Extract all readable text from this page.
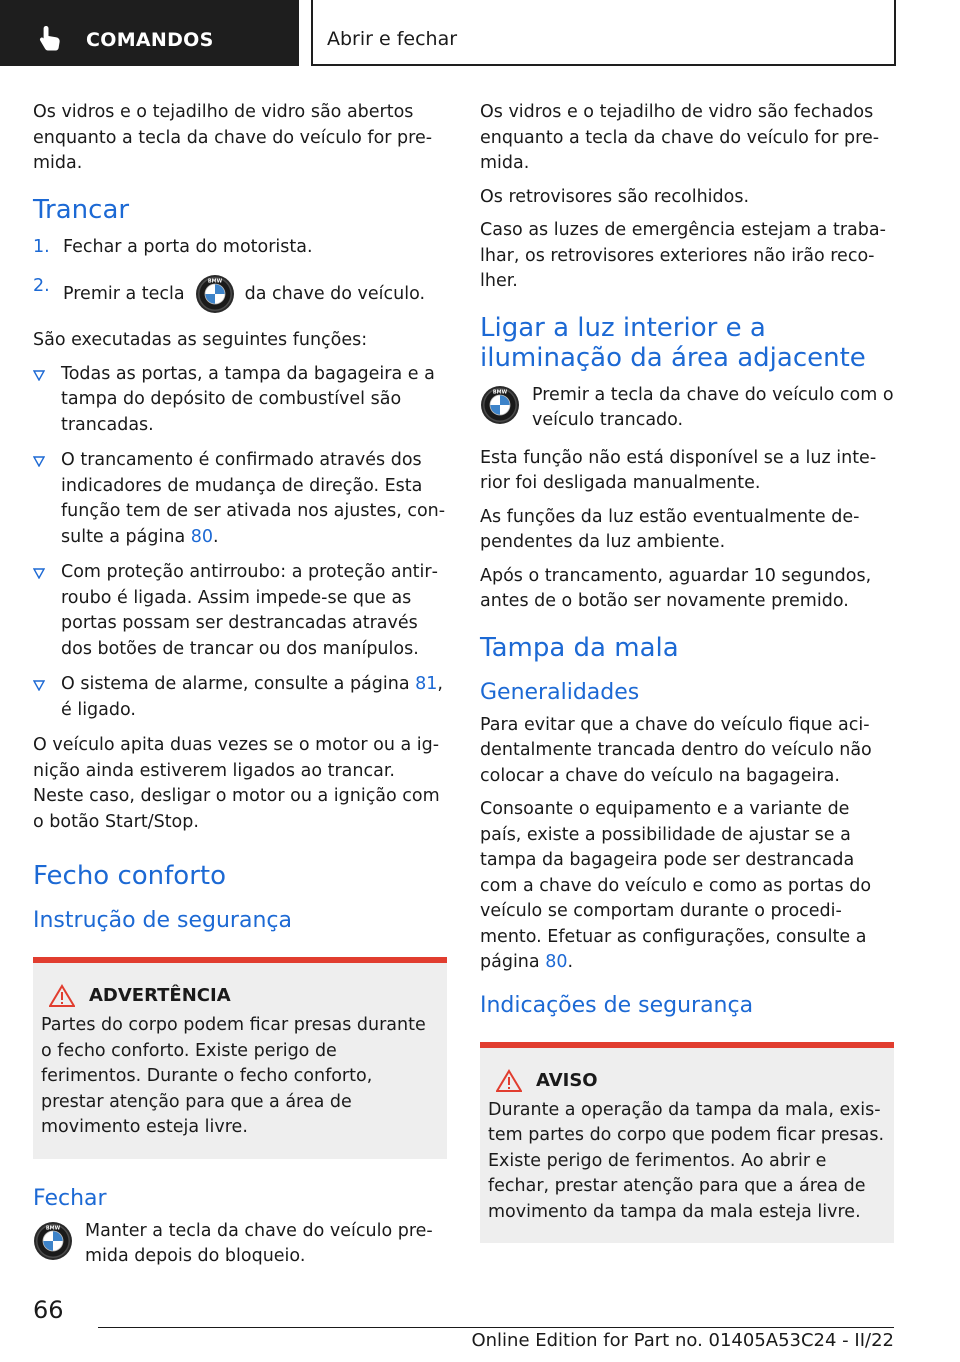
COMANDOS	Abrir e fechar

Os vidros e o tejadilho de vidro são abertos enquanto a tecla da chave do veículo for premida.

Trancar
1. Fechar a porta do motorista.
2. Premir a tecla	da chave do veículo.

São executadas as seguintes funções:

Todas as portas, a tampa da bagageira e a tampa do depósito de combustível são trancadas.
O trancamento é confirmado através dos indicadores de mudança de direção. Esta função tem de ser ativada nos ajustes, consulte a página 80.
Com proteção antirroubo: a proteção antirroubo é ligada. Assim impede-se que as portas possam ser destrancadas através dos botões de trancar ou dos manípulos.
O sistema de alarme, consulte a página 81, é ligado.

O veículo apita duas vezes se o motor ou a ignição ainda estiverem ligados ao trancar. Neste caso, desligar o motor ou a ignição com o botão Start/Stop.

Fecho conforto
Instrução de segurança
ADVERTÊNCIA

Partes do corpo podem ficar presas durante o fecho conforto. Existe perigo de ferimentos. Durante o fecho conforto, prestar atenção para que a área de movimento esteja livre.

Fechar
Manter a tecla da chave do veículo premida depois do bloqueio.

Os vidros e o tejadilho de vidro são fechados enquanto a tecla da chave do veículo for premida.

Os retrovisores são recolhidos.

Caso as luzes de emergência estejam a trabalhar, os retrovisores exteriores não irão recolher.

Ligar a luz interior e a iluminação da área adjacente
Premir a tecla da chave do veículo com o veículo trancado.

Esta função não está disponível se a luz interior foi desligada manualmente.

As funções da luz estão eventualmente dependentes da luz ambiente.

Após o trancamento, aguardar 10 segundos, antes de o botão ser novamente premido.

Tampa da mala
Generalidades

Para evitar que a chave do veículo fique acidentalmente trancada dentro do veículo não colocar a chave do veículo na bagageira.

Consoante o equipamento e a variante de país, existe a possibilidade de ajustar se a tampa da bagageira pode ser destrancada com a chave do veículo e como as portas do veículo se comportam durante o procedimento. Efetuar as configurações, consulte a página 80.

Indicações de segurança
AVISO

Durante a operação da tampa da mala, existem partes do corpo que podem ficar presas. Existe perigo de ferimentos. Ao abrir e fechar, prestar atenção para que a área de movimento da tampa da mala esteja livre.

66
Online Edition for Part no. 01405A53C24 - II/22
